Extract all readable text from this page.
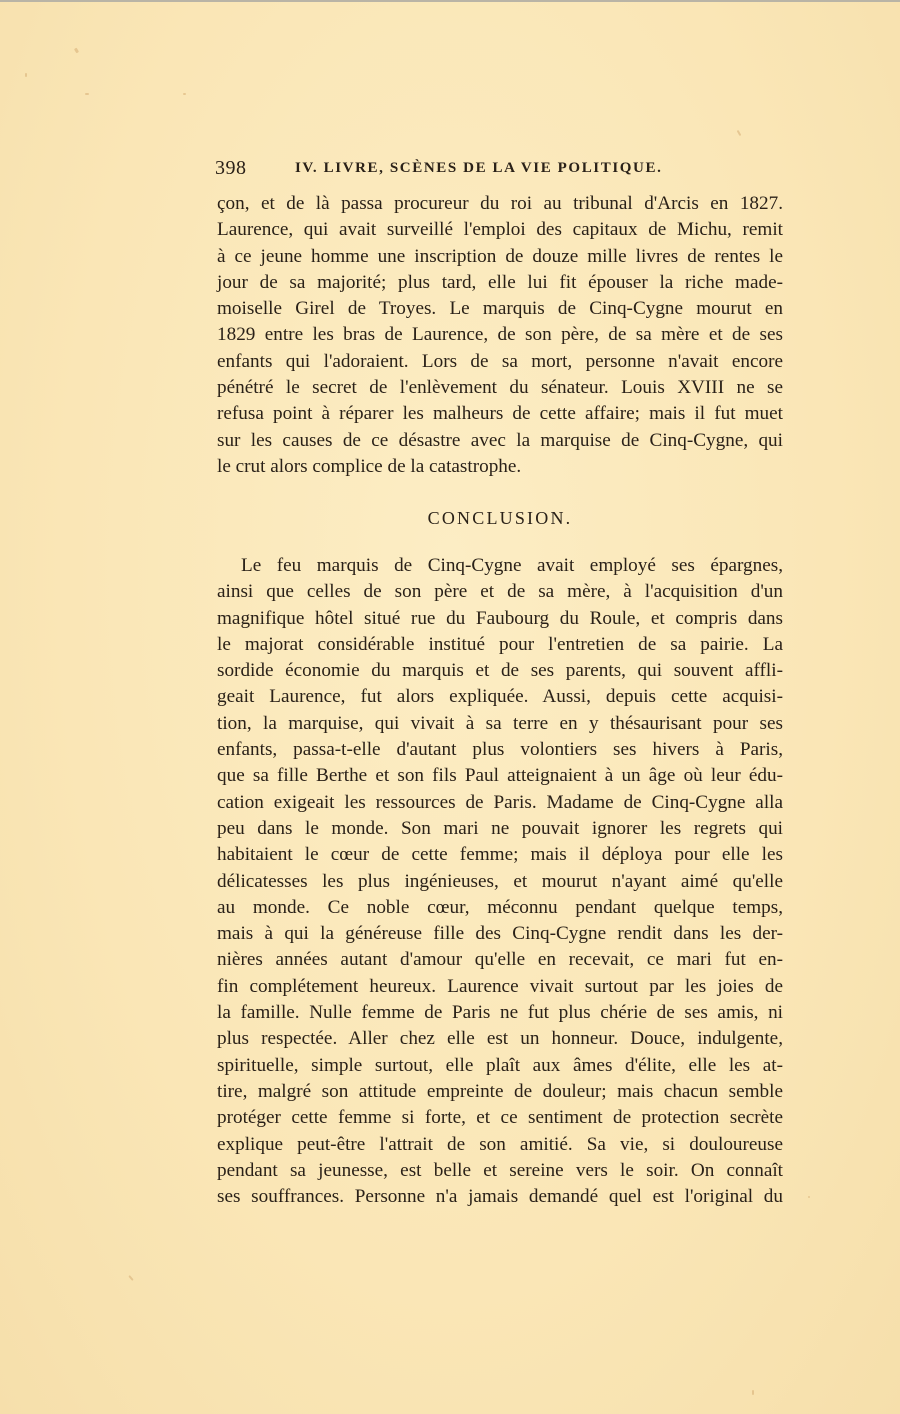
398	IV. LIVRE, SCÈNES DE LA VIE POLITIQUE.
çon, et de là passa procureur du roi au tribunal d'Arcis en 1827.
Laurence, qui avait surveillé l'emploi des capitaux de Michu, remit
à ce jeune homme une inscription de douze mille livres de rentes le
jour de sa majorité; plus tard, elle lui fit épouser la riche made-
moiselle Girel de Troyes. Le marquis de Cinq-Cygne mourut en
1829 entre les bras de Laurence, de son père, de sa mère et de ses
enfants qui l'adoraient. Lors de sa mort, personne n'avait encore
pénétré le secret de l'enlèvement du sénateur. Louis XVIII ne se
refusa point à réparer les malheurs de cette affaire; mais il fut muet
sur les causes de ce désastre avec la marquise de Cinq-Cygne, qui
le crut alors complice de la catastrophe.
CONCLUSION.
Le feu marquis de Cinq-Cygne avait employé ses épargnes,
ainsi que celles de son père et de sa mère, à l'acquisition d'un
magnifique hôtel situé rue du Faubourg du Roule, et compris dans
le majorat considérable institué pour l'entretien de sa pairie. La
sordide économie du marquis et de ses parents, qui souvent affli-
geait Laurence, fut alors expliquée. Aussi, depuis cette acquisi-
tion, la marquise, qui vivait à sa terre en y thésaurisant pour ses
enfants, passa-t-elle d'autant plus volontiers ses hivers à Paris,
que sa fille Berthe et son fils Paul atteignaient à un âge où leur édu-
cation exigeait les ressources de Paris. Madame de Cinq-Cygne alla
peu dans le monde. Son mari ne pouvait ignorer les regrets qui
habitaient le cœur de cette femme; mais il déploya pour elle les
délicatesses les plus ingénieuses, et mourut n'ayant aimé qu'elle
au monde. Ce noble cœur, méconnu pendant quelque temps,
mais à qui la généreuse fille des Cinq-Cygne rendit dans les der-
nières années autant d'amour qu'elle en recevait, ce mari fut en-
fin complétement heureux. Laurence vivait surtout par les joies de
la famille. Nulle femme de Paris ne fut plus chérie de ses amis, ni
plus respectée. Aller chez elle est un honneur. Douce, indulgente,
spirituelle, simple surtout, elle plaît aux âmes d'élite, elle les at-
tire, malgré son attitude empreinte de douleur; mais chacun semble
protéger cette femme si forte, et ce sentiment de protection secrète
explique peut-être l'attrait de son amitié. Sa vie, si douloureuse
pendant sa jeunesse, est belle et sereine vers le soir. On connaît
ses souffrances. Personne n'a jamais demandé quel est l'original du
